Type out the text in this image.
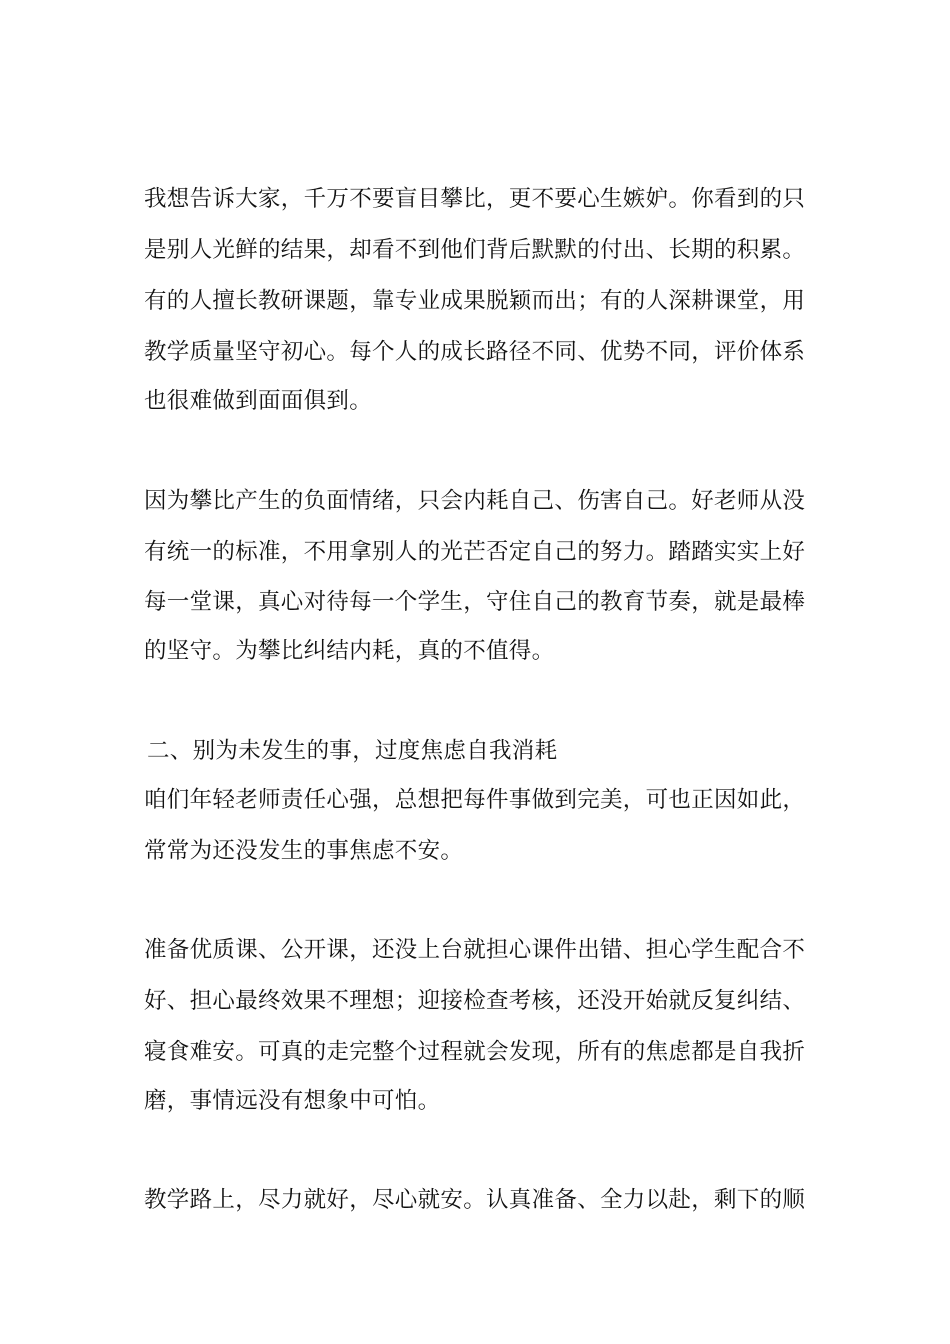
我想告诉大家，千万不要盲目攀比，更不要心生嫉妒。你看到的只

是别人光鲜的结果，却看不到他们背后默默的付出、长期的积累。

有的人擅长教研课题，靠专业成果脱颖而出；有的人深耕课堂，用

教学质量坚守初心。每个人的成长路径不同、优势不同，评价体系

也很难做到面面俱到。

因为攀比产生的负面情绪，只会内耗自己、伤害自己。好老师从没

有统一的标准，不用拿别人的光芒否定自己的努力。踏踏实实上好

每一堂课，真心对待每一个学生，守住自己的教育节奏，就是最棒

的坚守。为攀比纠结内耗，真的不值得。

二、别为未发生的事，过度焦虑自我消耗

咱们年轻老师责任心强，总想把每件事做到完美，可也正因如此，

常常为还没发生的事焦虑不安。

准备优质课、公开课，还没上台就担心课件出错、担心学生配合不

好、担心最终效果不理想；迎接检查考核，还没开始就反复纠结、

寝食难安。可真的走完整个过程就会发现，所有的焦虑都是自我折

磨，事情远没有想象中可怕。

教学路上，尽力就好，尽心就安。认真准备、全力以赴，剩下的顺
